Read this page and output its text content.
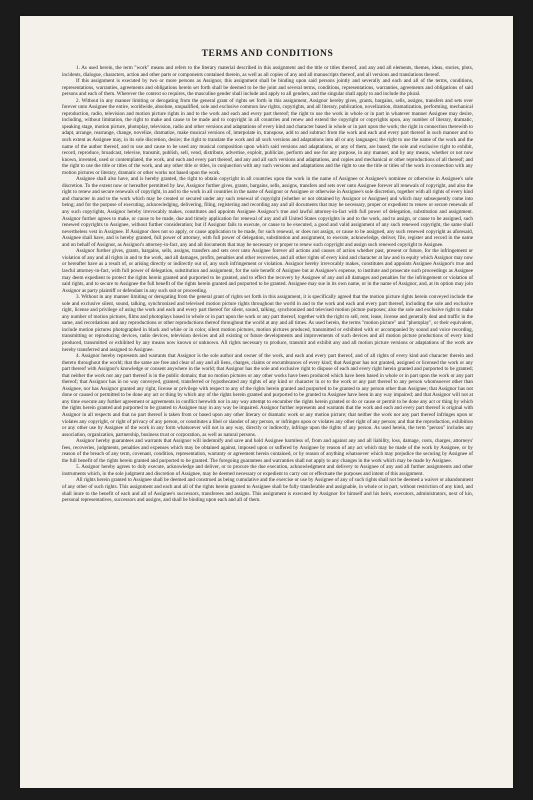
TERMS AND CONDITIONS

1. As used herein, the term "work" means and refers to the literary material described in this assignment and the title or titles thereof, and any and all elements, themes, ideas, stories, plots, incidents, dialogue, characters, action and other parts or components contained therein, as well as all copies of any and all manuscripts thereof, and all versions and translations thereof.

If this assignment is executed by two or more persons as Assignor, this assignment shall be binding upon said persons jointly and severally and each and all of the terms, conditions, representations, warranties, agreements and obligations herein set forth shall be deemed to be the joint and several terms, conditions, representations, warranties, agreements and obligations of said persons and each of them. Wherever the context so requires, the masculine gender shall include and apply to all genders, and the singular shall apply to and include the plural.

2. Without in any manner limiting or derogating from the general grant of rights set forth in this assignment, Assignor hereby gives, grants, bargains, sells, assigns, transfers and sets over forever unto Assignee the entire, worldwide, absolute, unqualified, sole and exclusive common law rights, copyrights, and all literary, publication, novelization, dramatization, performing, mechanical reproduction, radio, television and motion picture rights in and to the work and each and every part thereof; the right to use the work in whole or in part in whatever manner Assignee may desire, including, without limitation, the right to make and cause to be made and to copyright in all countries and renew and extend the copyright or copyrights upon, any number of literary, dramatic, speaking stage, motion picture, photoplay, television, radio and other versions and adaptations of every kind and character based in whole or in part upon the work; the right in connection therewith to adapt, arrange, rearrange, change, novelize, dramatize, make musical versions of, interpolate in, transpose, add to and subtract from the work and each and every part thereof in such manner and to such extent as Assignee may, in its sole discretion, desire; the right to translate the work and all such versions and adaptations into all or any languages; the right to use the name of the work and the name of the author thereof, and to use and cause to be used any musical composition upon which said versions and adaptations, or any of them, are based; the sole and exclusive right to exhibit, record, reproduce, broadcast, televise, transmit, publish, sell, vend, distribute, advertise, exploit, publicize, perform and use for any purpose, in any manner, and by any means, whether or not now known, invented, used or contemplated, the work, and each and every part thereof, and any and all such versions and adaptations, and copies and mechanical or other reproductions of all thereof; and the right to use the title or titles of the work, and any other title or titles, in conjunction with any such versions and adaptations and the right to use the title or titles of the work in connection with any motion pictures or literary, dramatic or other works not based upon the work.

Assignee shall also have, and is hereby granted, the right to obtain copyright in all countries upon the work in the name of Assignee or Assignee's nominee or otherwise in Assignee's sole discretion. To the extent now or hereafter permitted by law, Assignor further gives, grants, bargains, sells, assigns, transfers and sets over unto Assignee forever all renewals of copyright, and also the right to renew and secure renewals of copyright, in and to the work in all countries in the name of Assignor or Assignee or otherwise in Assignee's sole discretion, together with all rights of every kind and character in and to the work which may be created or secured under any such renewal of copyright (whether or not obtained by Assignor or Assignee) and which may subsequently come into being; and for the purpose of executing, acknowledging, delivering, filing, registering and recording any and all documents that may be necessary, proper or expedient to renew or secure renewals of any such copyrights, Assignor hereby irrevocably makes, constitutes and appoints Assignee Assignor's true and lawful attorney-in-fact with full power of delegation, substitution and assignment. Assignor further agrees to make, or cause to be made, due and timely application for renewal of any and all United States copyrights in and to the work, and to assign, or cause to be assigned, such renewed copyrights to Assignee, without further consideration; but if Assignor fails to execute, or cause to be executed, a good and valid assignment of any such renewed copyright, the same shall nevertheless vest in Assignee. If Assignor does not so apply, or cause application to be made, for such renewal, or does not assign, or cause to be assigned, any such renewed copyright as aforesaid, Assignee shall have, and is hereby granted, full power of attorney, with full power of delegation, substitution and assignment, to execute, acknowledge, deliver, file, register and record in the name and on behalf of Assignor, as Assignor's attorney-in-fact, any and all documents that may be necessary or proper to renew such copyright and assign such renewed copyright to Assignee.

Assignor further gives, grants, bargains, sells, assigns, transfers and sets over unto Assignee forever all actions and causes of action whether past, present or future, for the infringement or violation of any and all rights in and to the work, and all damages, profits, penalties and other recoveries, and all other rights of every kind and character at law and in equity which Assignor may now or hereafter have as a result of, or arising directly or indirectly out of, any such infringement or violation. Assignor hereby irrevocably makes, constitutes and appoints Assignee Assignor's true and lawful attorney-in-fact, with full power of delegation, substitution and assignment, for the sole benefit of Assignee but at Assignee's expense, to institute and prosecute such proceedings as Assignee may deem expedient to protect the rights herein granted and purported to be granted, and to effect the recovery by Assignee of any and all damages and penalties for the infringement or violation of said rights, and to secure to Assignee the full benefit of the rights herein granted and purported to be granted. Assignee may sue in its own name, or in the name of Assignor, and, at its option may join Assignor as party plaintiff or defendant in any such suit or proceeding.

3. Without in any manner limiting or derogating from the general grant of rights set forth in this assignment, it is specifically agreed that the motion picture rights herein conveyed include the sole and exclusive silent, sound, talking, synchronized and televised motion picture rights throughout the world in and to the work and each and every part thereof, including the sole and exclusive right, license and privilege of using the work and each and every part thereof for silent, sound, talking, synchronized and televised motion picture purposes; also the sole and exclusive right to make any number of motion pictures, films and photoplays based in whole or in part upon the work or any part thereof, together with the right to sell, rent, lease, license and generally deal and traffic in the same, and recordations and any reproductions or other reproductions thereof throughout the world at any and all times. As used herein, the terms "motion picture" and "photoplay", or their equivalent, include motion pictures photographed in black and white or in color, silent motion pictures, motion pictures produced, transmitted or exhibited with or accompanied by sound and voice recording, transmitting or reproducing devices, radio devices, television devices and all existing or future developments and improvements of such devices and all motion picture productions of every kind produced, transmitted or exhibited by any means now known or unknown. All rights necessary to produce, transmit and exhibit any and all motion picture versions or adaptations of the work are hereby transferred and assigned to Assignee.

4. Assignor hereby represents and warrants that Assignor is the sole author and owner of the work, and each and every part thereof, and of all rights of every kind and character therein and thereto throughout the world; that the same are free and clear of any and all liens, charges, claims or encumbrances of every kind; that Assignor has not granted, assigned or licensed the work or any part thereof with Assignor's knowledge or consent anywhere in the world; that Assignor has the sole and exclusive right to dispose of each and every right herein granted and purported to be granted; that neither the work nor any part thereof is in the public domain; that no motion pictures or any other works have been produced which have been based in whole or in part upon the work or any part thereof; that Assignor has in no way conveyed, granted, transferred or hypothecated any rights of any kind or character in or to the work or any part thereof to any person whomsoever other than Assignee, nor has Assignor granted any right, license or privilege with respect to any of the rights herein granted and purported to be granted to any person other than Assignee; that Assignor has not done or caused or permitted to be done any act or thing by which any of the rights herein granted and purported to be granted to Assignee have been in any way impaired; and that Assignor will not at any time execute any further agreement or agreements in conflict herewith nor in any way attempt to encumber the rights herein granted or do or cause or permit to be done any act or thing by which the rights herein granted and purported to be granted to Assignee may in any way be impaired. Assignor further represents and warrants that the work and each and every part thereof is original with Assignor in all respects and that no part thereof is taken from or based upon any other literary or dramatic work or any motion picture; that neither the work nor any part thereof infringes upon or violates any copyright, or right of privacy of any person, or constitutes a libel or slander of any person, or infringes upon or violates any other right of any person; and that the reproduction, exhibition or any other use by Assignee of the work in any form whatsoever will not in any way, directly or indirectly, infringe upon the rights of any person. As used herein, the term "person" includes any association, organization, partnership, business trust or corporation, as well as natural persons.

Assignor hereby guarantees and warrants that Assignor will indemnify and save and hold Assignee harmless of, from and against any and all liability, loss, damage, costs, charges, attorneys' fees, recoveries, judgments, penalties and expenses which may be obtained against, imposed upon or suffered by Assignee by reason of any act which may be made of the work by Assignee, or by reason of the breach of any term, covenant, condition, representation, warranty or agreement herein contained, or by reason of anything whatsoever which may prejudice the securing by Assignee of the full benefit of the rights herein granted and purported to be granted. The foregoing guarantees and warranties shall not apply to any changes in the work which may be made by Assignee.

5. Assignor hereby agrees to duly execute, acknowledge and deliver, or to procure the due execution, acknowledgment and delivery to Assignee of any and all further assignments and other instruments which, in the sole judgment and discretion of Assignee, may be deemed necessary or expedient to carry out or effectuate the purposes and intent of this assignment.

All rights herein granted to Assignee shall be deemed and construed as being cumulative and the exercise or use by Assignee of any of such rights shall not be deemed a waiver or abandonment of any other of such rights. This assignment and each and all of the rights herein granted to Assignee shall be fully transferable and assignable, in whole or in part, without restriction of any kind, and shall inure to the benefit of each and all of Assignee's successors, transferees and assigns. This assignment is executed by Assignor for himself and his heirs, executors, administrators, next of kin, personal representatives, successors and assigns, and shall be binding upon each and all of them.
